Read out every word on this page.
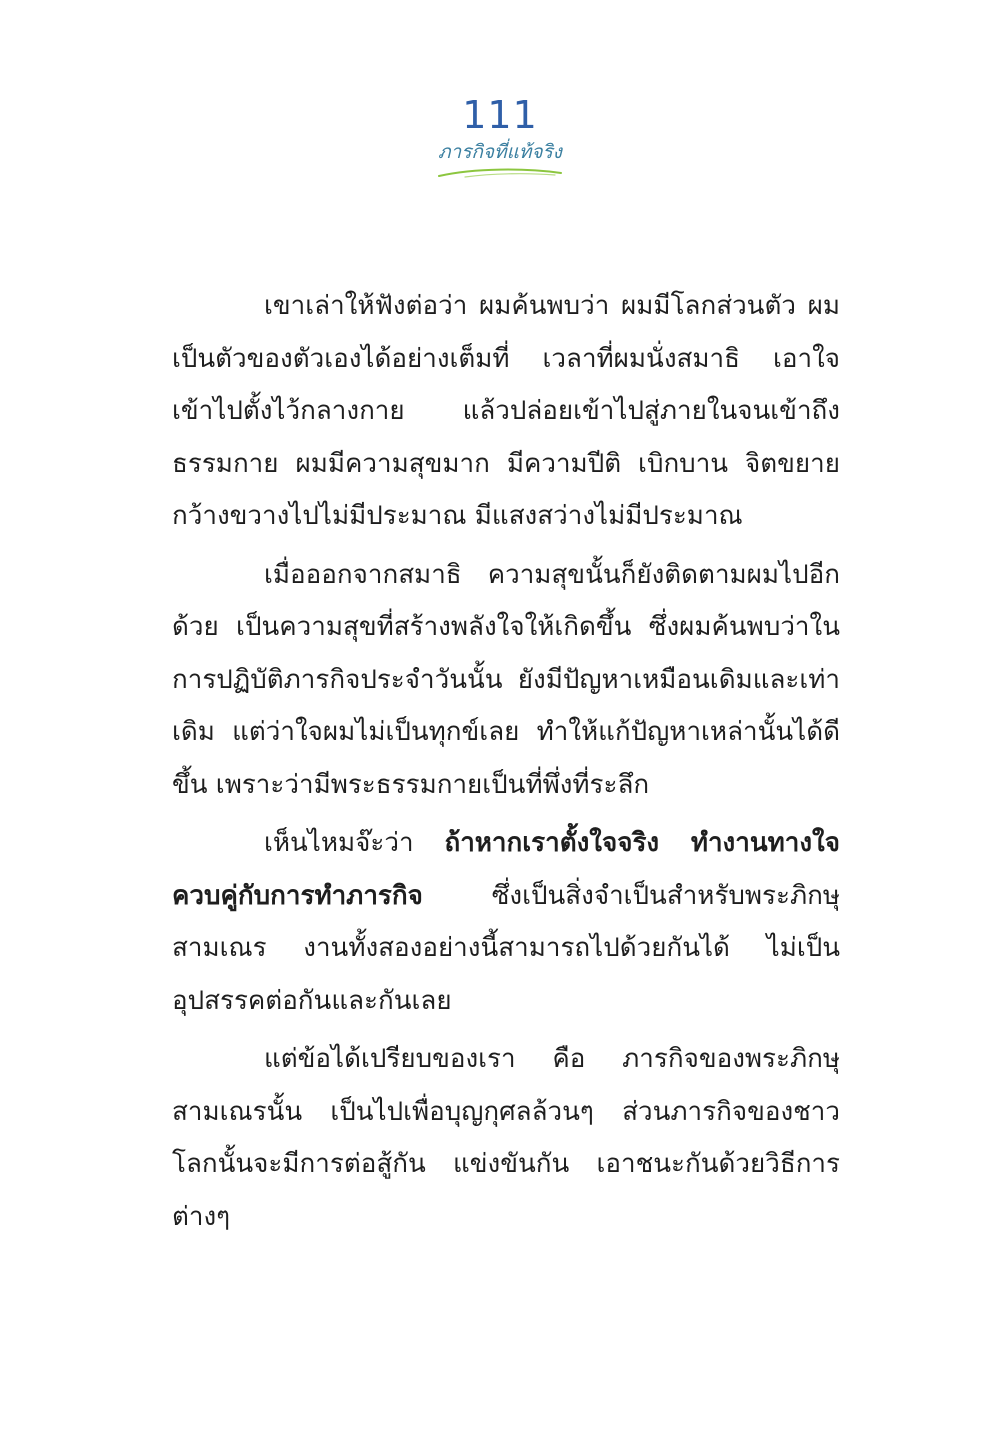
111
ภารกิจที่แท้จริง

เขาเล่าให้ฟังต่อว่า ผมค้นพบว่า ผมมีโลกส่วนตัว ผมเป็นตัวของตัวเองได้อย่างเต็มที่ เวลาที่ผมนั่งสมาธิ เอาใจเข้าไปตั้งไว้กลางกาย แล้วปล่อยเข้าไปสู่ภายในจนเข้าถึงธรรมกาย ผมมีความสุขมาก มีความปีติ เบิกบาน จิตขยายกว้างขวางไปไม่มีประมาณ มีแสงสว่างไม่มีประมาณ

เมื่อออกจากสมาธิ ความสุขนั้นก็ยังติดตามผมไปอีกด้วย เป็นความสุขที่สร้างพลังใจให้เกิดขึ้น ซึ่งผมค้นพบว่าในการปฏิบัติภารกิจประจำวันนั้น ยังมีปัญหาเหมือนเดิมและเท่าเดิม แต่ว่าใจผมไม่เป็นทุกข์เลย ทำให้แก้ปัญหาเหล่านั้นได้ดีขึ้น เพราะว่ามีพระธรรมกายเป็นที่พึ่งที่ระลึก

เห็นไหมจ๊ะว่า ถ้าหากเราตั้งใจจริง ทำงานทางใจควบคู่กับการทำภารกิจ ซึ่งเป็นสิ่งจำเป็นสำหรับพระภิกษุสามเณร งานทั้งสองอย่างนี้สามารถไปด้วยกันได้ ไม่เป็นอุปสรรคต่อกันและกันเลย

แต่ข้อได้เปรียบของเรา คือ ภารกิจของพระภิกษุสามเณรนั้น เป็นไปเพื่อบุญกุศลล้วนๆ ส่วนภารกิจของชาวโลกนั้นจะมีการต่อสู้กัน แข่งขันกัน เอาชนะกันด้วยวิธีการต่างๆ
